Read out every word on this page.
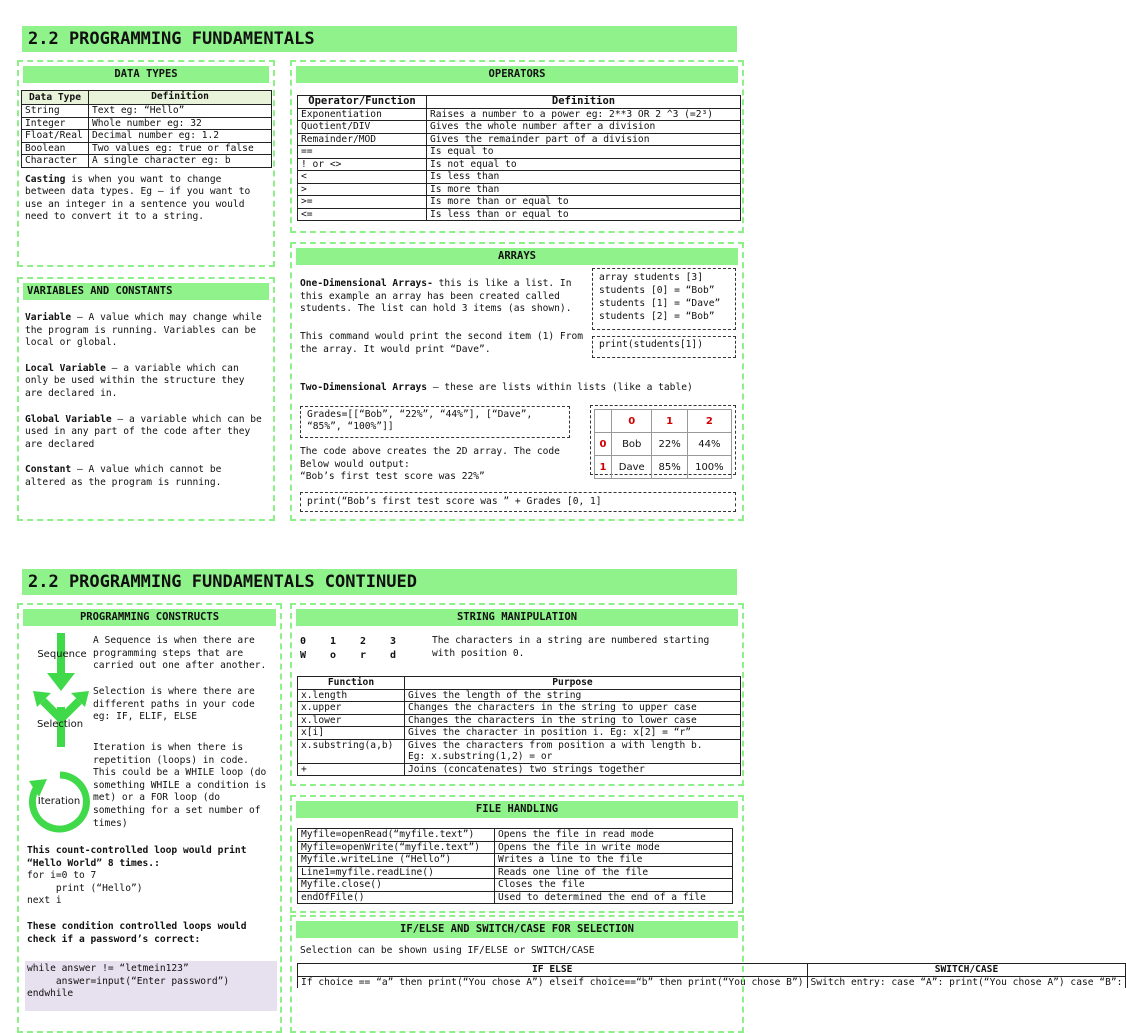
2.2 PROGRAMMING FUNDAMENTALS
DATA TYPES
Data Type	Definition
String	Text eg: “Hello”
Integer	Whole number eg: 32
Float/Real	Decimal number eg: 1.2
Boolean	Two values eg: true or false
Character	A single character eg: b
Casting is when you want to change between data types. Eg – if you want to use an integer in a sentence you would need to convert it to a string.
OPERATORS
Operator/Function	Definition
Exponentiation	Raises a number to a power eg: 2**3 OR 2 ^3 (=2³)
Quotient/DIV	Gives the whole number after a division
Remainder/MOD	Gives the remainder part of a division
==	Is equal to
! or <>	Is not equal to
<	Is less than
>	Is more than
>=	Is more than or equal to
<=	Is less than or equal to
VARIABLES AND CONSTANTS

Variable – A value which may change while the program is running. Variables can be local or global.

Local Variable – a variable which can only be used within the structure they are declared in.

Global Variable – a variable which can be used in any part of the code after they are declared

Constant – A value which cannot be altered as the program is running.

ARRAYS
One-Dimensional Arrays- this is like a list. In this example an array has been created called students. The list can hold 3 items (as shown).
array students [3]
students [0] = “Bob”
students [1] = “Dave”
students [2] = “Bob”
This command would print the second item (1) From the array. It would print “Dave”.	print(students[1])
Two-Dimensional Arrays – these are lists within lists (like a table)
Grades=[[“Bob”, “22%”, “44%”], [“Dave”, “85%”, “100%”]]
The code above creates the 2D array. The code Below would output:
“Bob’s first test score was 22%”
	0	1	2
0	Bob	22%	44%
1	Dave	85%	100%
print(“Bob’s first test score was ” + Grades [0, 1]
2.2 PROGRAMMING FUNDAMENTALS CONTINUED
PROGRAMMING CONSTRUCTS
Sequence
A Sequence is when there are programming steps that are carried out one after another.
Selection
Selection is where there are different paths in your code eg: IF, ELIF, ELSE
Iteration
Iteration is when there is repetition (loops) in code. This could be a WHILE loop (do something WHILE a condition is met) or a FOR loop (do something for a set number of times)
This count-controlled loop would print “Hello World” 8 times.:
for i=0 to 7
print (“Hello”)
next i
These condition controlled loops would check if a password’s correct:
while answer != “letmein123”
answer=input(“Enter password”)
endwhile
STRING MANIPULATION
0	1	2	3
W	o	r	d
The characters in a string are numbered starting with position 0.
Function	Purpose
x.length	Gives the length of the string
x.upper	Changes the characters in the string to upper case
x.lower	Changes the characters in the string to lower case
x[i]	Gives the character in position i. Eg: x[2] = “r”
x.substring(a,b)	Gives the characters from position a with length b.
Eg: x.substring(1,2) = or
+	Joins (concatenates) two strings together
FILE HANDLING
Myfile=openRead(“myfile.text”)	Opens the file in read mode
Myfile=openWrite(“myfile.text”)	Opens the file in write mode
Myfile.writeLine (“Hello”)	Writes a line to the file
Line1=myfile.readLine()	Reads one line of the file
Myfile.close()	Closes the file
endOfFile()	Used to determined the end of a file
IF/ELSE AND SWITCH/CASE FOR SELECTION
Selection can be shown using IF/ELSE or SWITCH/CASE
IF ELSE	SWITCH/CASE
If choice == “a” then print(“You chose A”) elseif choice==“b” then print(“You chose B”)	Switch entry: case “A”: print(“You chose A”) case “B”:
